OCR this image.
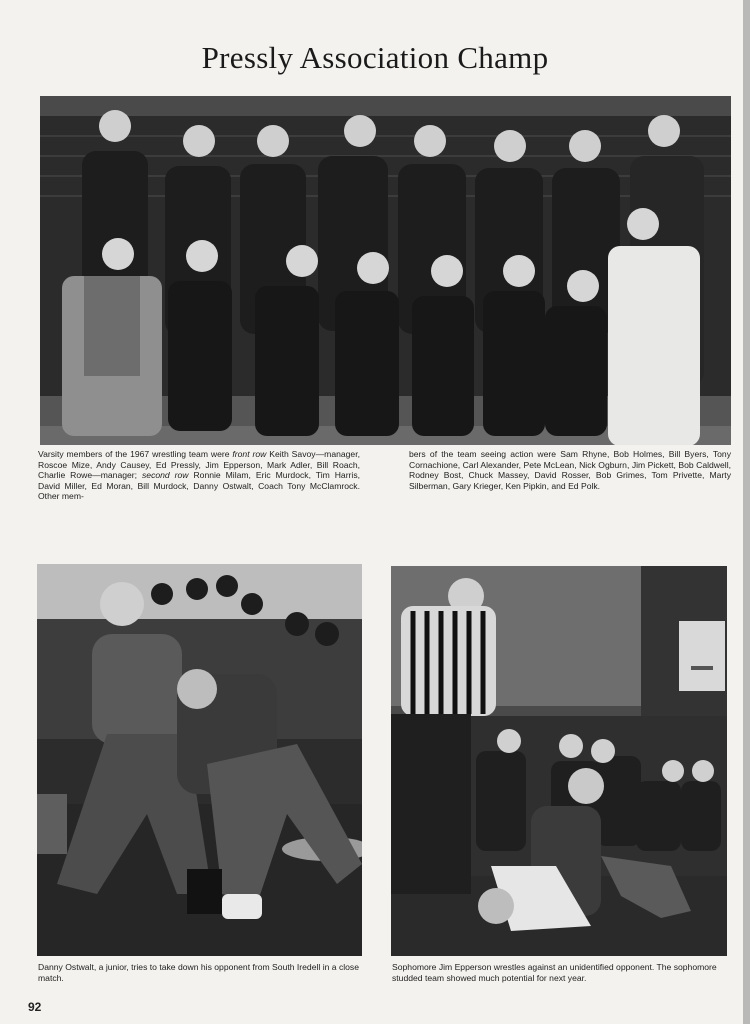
Pressly Association Champ
Varsity members of the 1967 wrestling team were front row Keith Savoy—manager, Roscoe Mize, Andy Causey, Ed Pressly, Jim Epperson, Mark Adler, Bill Roach, Charlie Rowe—manager; second row Ronnie Milam, Eric Murdock, Tim Harris, David Miller, Ed Moran, Bill Murdock, Danny Ostwalt, Coach Tony McClamrock. Other mem-
bers of the team seeing action were Sam Rhyne, Bob Holmes, Bill Byers, Tony Cornachione, Carl Alexander, Pete McLean, Nick Ogburn, Jim Pickett, Bob Caldwell, Rodney Bost, Chuck Massey, David Rosser, Bob Grimes, Tom Privette, Marty Silberman, Gary Krieger, Ken Pipkin, and Ed Polk.
Danny Ostwalt, a junior, tries to take down his opponent from South Iredell in a close match.
Sophomore Jim Epperson wrestles against an unidentified opponent. The sophomore studded team showed much potential for next year.
92
